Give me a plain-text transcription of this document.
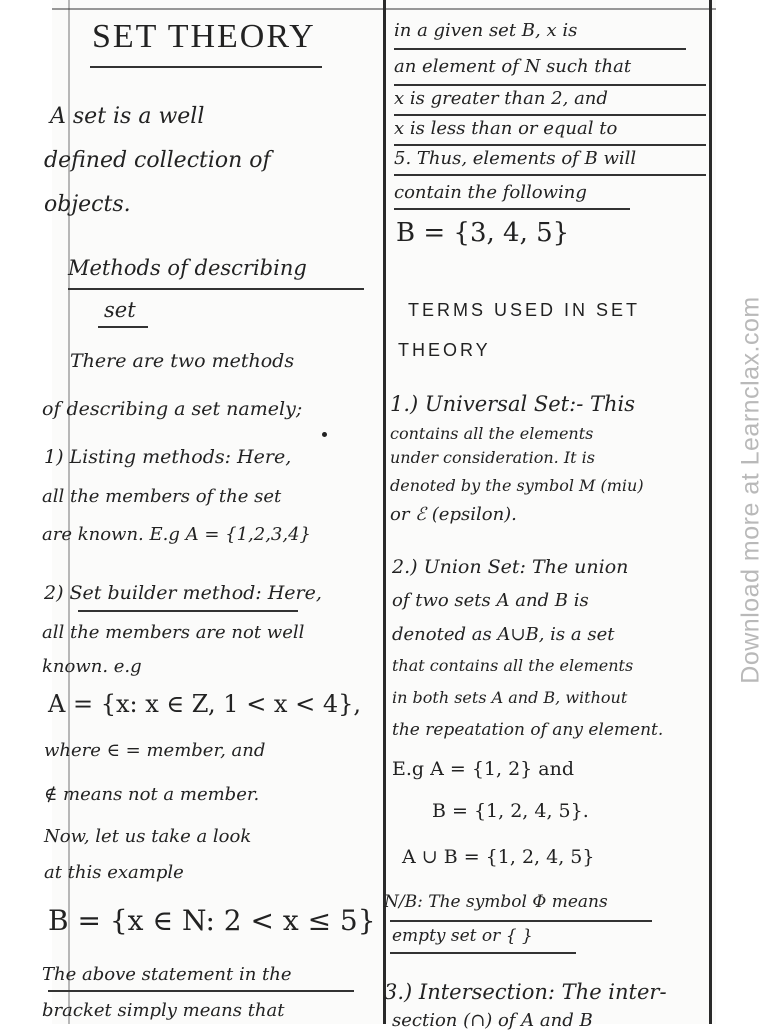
SET THEORY
A set is a well
defined collection of
objects.
Methods of describing
set
There are two methods
of describing a set namely;
1) Listing methods: Here,
all the members of the set
are known. E.g A = {1,2,3,4}
2) Set builder method: Here,
all the members are not well
known. e.g
A = {x: x ∈ Z, 1 < x < 4},
where ∈ = member, and
∉ means not a member.
Now, let us take a look
at this example
B = {x ∈ N: 2 < x ≤ 5}
The above statement in the
bracket simply means that
in a given set B, x is
an element of N such that
x is greater than 2, and
x is less than or equal to
5. Thus, elements of B will
contain the following
B = {3, 4, 5}
TERMS USED IN SET
THEORY
1.) Universal Set:- This
contains all the elements
under consideration. It is
denoted by the symbol M (miu)
or ℰ (epsilon).
2.) Union Set: The union
of two sets A and B is
denoted as A∪B, is a set
that contains all the elements
in both sets A and B, without
the repeatation of any element.
E.g A = {1, 2} and
B = {1, 2, 4, 5}.
A ∪ B = {1, 2, 4, 5}
N/B: The symbol Φ means
empty set or { }
3.) Intersection: The inter-
section (∩) of A and B
Download more at Learnclax.com
